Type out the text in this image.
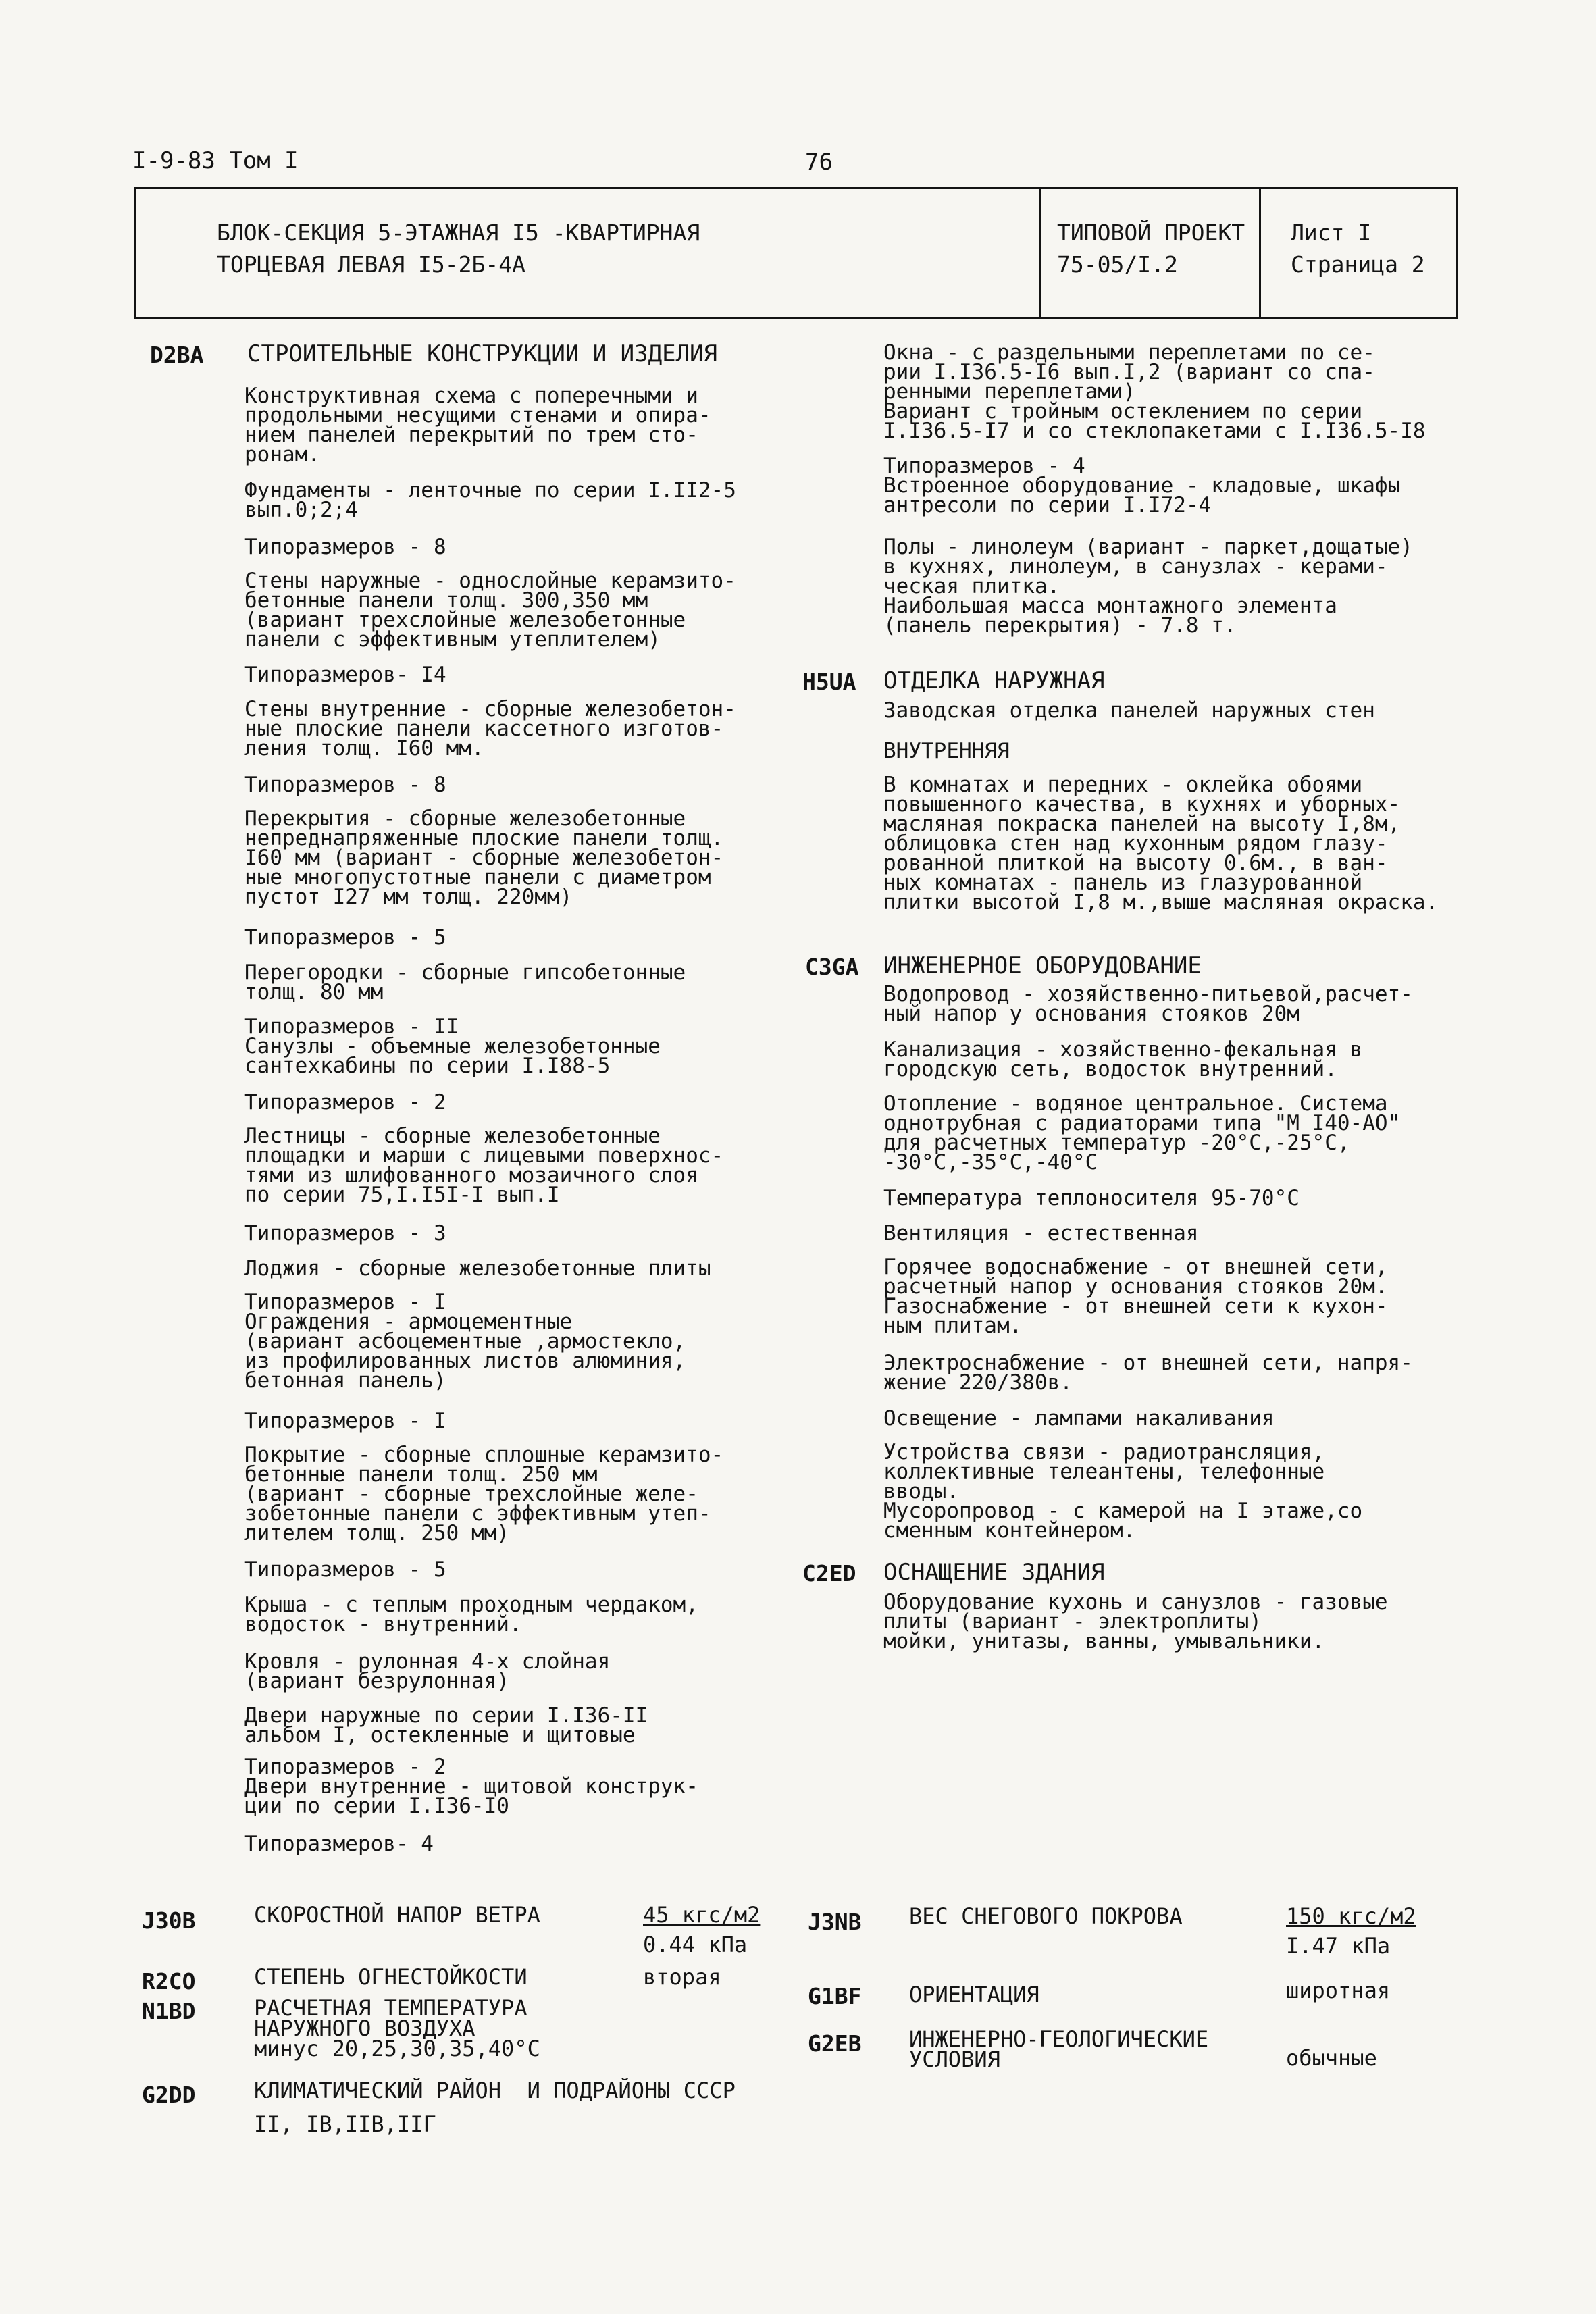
I-9-83 Том I	76
БЛОК-СЕКЦИЯ 5-ЭТАЖНАЯ I5 -КВАРТИРНАЯ
ТОРЦЕВАЯ ЛЕВАЯ I5-2Б-4А
ТИПОВОЙ ПРОЕКТ
75-05/I.2
Лист I
Страница 2
D2BA СТРОИТЕЛЬНЫЕ КОНСТРУКЦИИ И ИЗДЕЛИЯ
Конструктивная схема с поперечными и
продольными несущими стенами и опира-
нием панелей перекрытий по трем сто-
ронам.
Фундаменты - ленточные по серии I.II2-5
вып.0;2;4
Типоразмеров - 8
Стены наружные - однослойные керамзито-
бетонные панели толщ. 300,350 мм
(вариант трехслойные железобетонные
панели с эффективным утеплителем)
Типоразмеров- I4
Стены внутренние - сборные железобетон-
ные плоские панели кассетного изготов-
ления толщ. I60 мм.
Типоразмеров - 8
Перекрытия - сборные железобетонные
непреднапряженные плоские панели толщ.
I60 мм (вариант - сборные железобетон-
ные многопустотные панели с диаметром
пустот I27 мм толщ. 220мм)
Типоразмеров - 5
Перегородки - сборные гипсобетонные
толщ. 80 мм
Типоразмеров - II
Санузлы - объемные железобетонные
сантехкабины по серии I.I88-5
Типоразмеров - 2
Лестницы - сборные железобетонные
площадки и марши с лицевыми поверхнос-
тями из шлифованного мозаичного слоя
по серии 75,I.I5I-I вып.I
Типоразмеров - 3
Лоджия - сборные железобетонные плиты
Типоразмеров - I
Ограждения - армоцементные
(вариант асбоцементные ,армостекло,
из профилированных листов алюминия,
бетонная панель)
Типоразмеров - I
Покрытие - сборные сплошные керамзито-
бетонные панели толщ. 250 мм
(вариант - сборные трехслойные желе-
зобетонные панели с эффективным утеп-
лителем толщ. 250 мм)
Типоразмеров - 5
Крыша - с теплым проходным чердаком,
водосток - внутренний.
Кровля - рулонная 4-х слойная
(вариант безрулонная)
Двери наружные по серии I.I36-II
альбом I, остекленные и щитовые
Типоразмеров - 2
Двери внутренние - щитовой конструк-
ции по серии I.I36-I0
Типоразмеров- 4
Окна - с раздельными переплетами по се-
рии I.I36.5-I6 вып.I,2 (вариант со спа-
ренными переплетами)
Вариант с тройным остеклением по серии
I.I36.5-I7 и со стеклопакетами с I.I36.5-I8
Типоразмеров - 4
Встроенное оборудование - кладовые, шкафы
антресоли по серии I.I72-4
Полы - линолеум (вариант - паркет,дощатые)
в кухнях, линолеум, в санузлах - керами-
ческая плитка.
Наибольшая масса монтажного элемента
(панель перекрытия) - 7.8 т.
H5UA ОТДЕЛКА НАРУЖНАЯ
Заводская отделка панелей наружных стен
ВНУТРЕННЯЯ
В комнатах и передних - оклейка обоями
повышенного качества, в кухнях и уборных-
масляная покраска панелей на высоту I,8м,
облицовка стен над кухонным рядом глазу-
рованной плиткой на высоту 0.6м., в ван-
ных комнатах - панель из глазурованной
плитки высотой I,8 м.,выше масляная окраска.
C3GA ИНЖЕНЕРНОЕ ОБОРУДОВАНИЕ
Водопровод - хозяйственно-питьевой,расчет-
ный напор у основания стояков 20м
Канализация - хозяйственно-фекальная в
городскую сеть, водосток внутренний.
Отопление - водяное центральное. Система
однотрубная с радиаторами типа "М I40-АО"
для расчетных температур -20°С,-25°С,
-30°С,-35°С,-40°С
Температура теплоносителя 95-70°С
Вентиляция - естественная
Горячее водоснабжение - от внешней сети,
расчетный напор у основания стояков 20м.
Газоснабжение - от внешней сети к кухон-
ным плитам.
Электроснабжение - от внешней сети, напря-
жение 220/380в.
Освещение - лампами накаливания
Устройства связи - радиотрансляция,
коллективные телеантены, телефонные
вводы.
Мусоропровод - с камерой на I этаже,со
сменным контейнером.
C2ED ОСНАЩЕНИЕ ЗДАНИЯ
Оборудование кухонь и санузлов - газовые
плиты (вариант - электроплиты)
мойки, унитазы, ванны, умывальники.
J30B	СКОРОСТНОЙ НАПОР ВЕТРА	45 кгс/м2
0.44 кПа
R2CO	СТЕПЕНЬ ОГНЕСТОЙКОСТИ	вторая
N1BD	РАСЧЕТНАЯ ТЕМПЕРАТУРА
НАРУЖНОГО ВОЗДУХА
минус 20,25,30,35,40°С
G2DD	КЛИМАТИЧЕСКИЙ РАЙОН  И ПОДРАЙОНЫ СССР
II, IВ,IIВ,IIГ
J3NB ВЕС СНЕГОВОГО ПОКРОВА	150 кгс/м2
I.47 кПа
G1BF ОРИЕНТАЦИЯ	широтная
G2EB ИНЖЕНЕРНО-ГЕОЛОГИЧЕСКИЕ
УСЛОВИЯ	обычные
